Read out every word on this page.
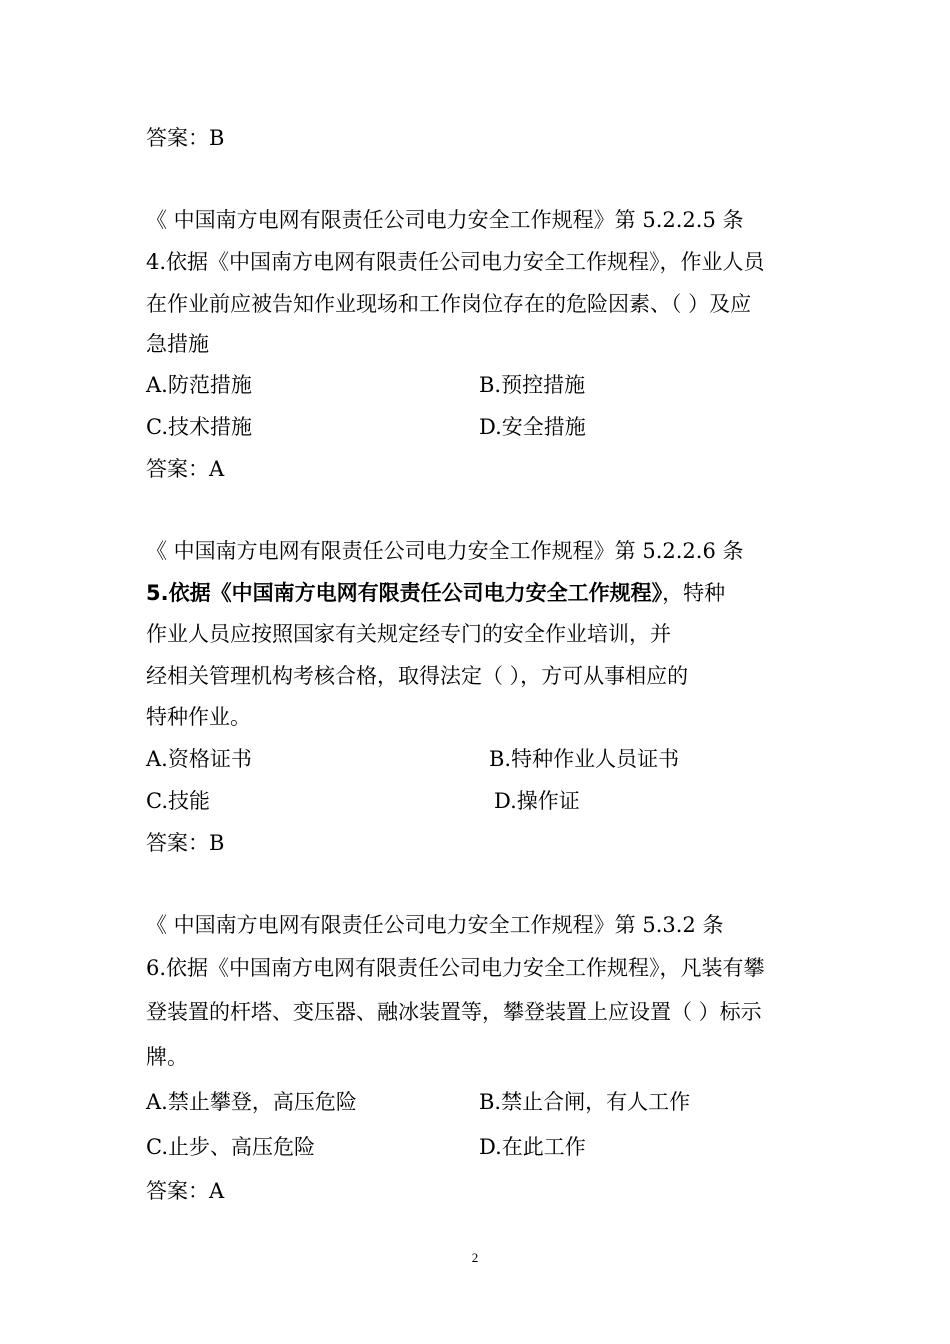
答案：B
《 中国南方电网有限责任公司电力安全工作规程》第 5.2.2.5 条
4.依据《中国南方电网有限责任公司电力安全工作规程》，作业人员
在作业前应被告知作业现场和工作岗位存在的危险因素、（ ）及应
急措施
A.防范措施	B.预控措施
C.技术措施	D.安全措施
答案：A
《 中国南方电网有限责任公司电力安全工作规程》第 5.2.2.6 条
5.依据《中国南方电网有限责任公司电力安全工作规程》，特种
作业人员应按照国家有关规定经专门的安全作业培训，并
经相关管理机构考核合格，取得法定（ ），方可从事相应的
特种作业。
A.资格证书	B.特种作业人员证书
C.技能	D.操作证
答案：B
《 中国南方电网有限责任公司电力安全工作规程》第 5.3.2 条
6.依据《中国南方电网有限责任公司电力安全工作规程》，凡装有攀
登装置的杆塔、变压器、融冰装置等，攀登装置上应设置（ ）标示
牌。
A.禁止攀登，高压危险	B.禁止合闸，有人工作
C.止步、高压危险	D.在此工作
答案：A
2
